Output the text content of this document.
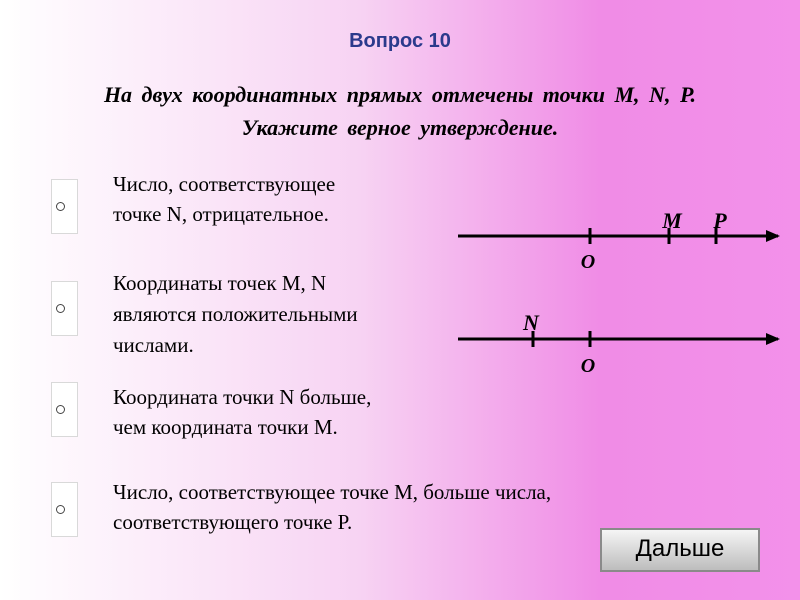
Вопрос 10
На двух координатных прямых отмечены точки M, N, P.
Укажите верное утверждение.
Число, соответствующее
точке N, отрицательное.
Координаты точек M, N
являются положительными
числами.
Координата точки N больше,
чем координата точки M.
Число, соответствующее точке M, больше числа,
соответствующего точке P.
O
M P
N
O
Дальше
